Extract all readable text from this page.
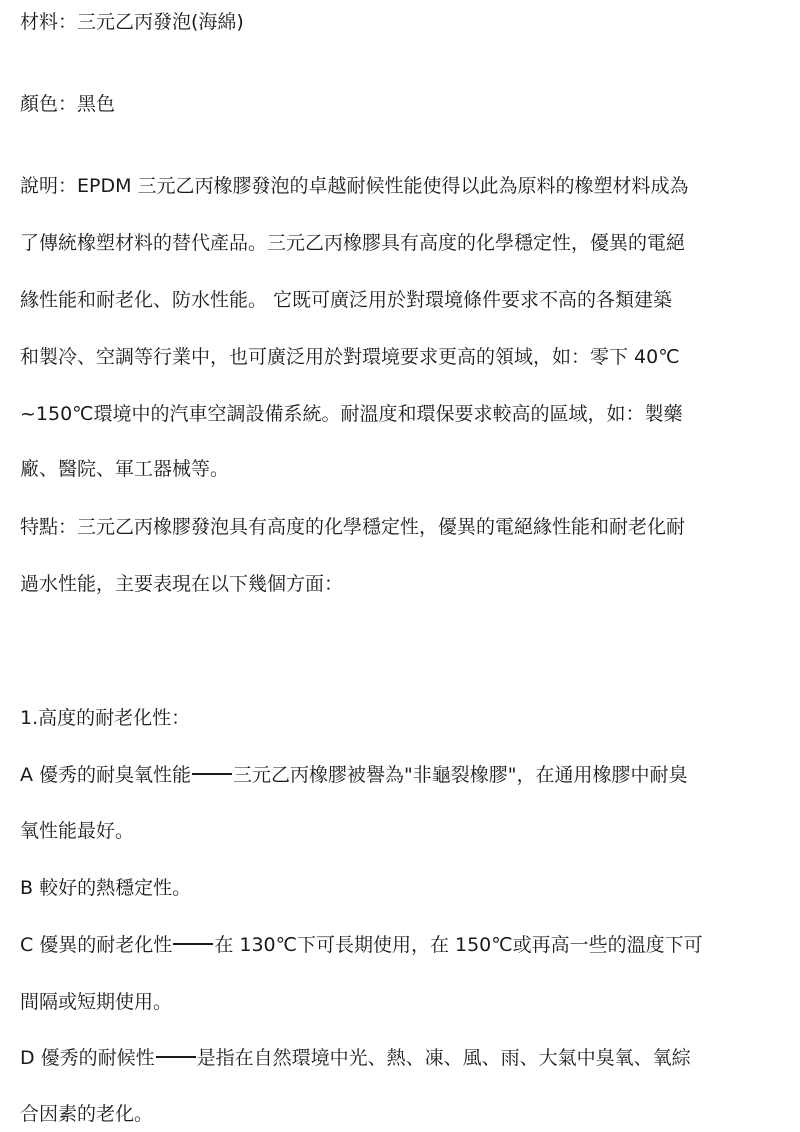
材料：三元乙丙發泡(海綿)
顏色：黑色
說明：EPDM 三元乙丙橡膠發泡的卓越耐候性能使得以此為原料的橡塑材料成為
了傳統橡塑材料的替代產品。三元乙丙橡膠具有高度的化學穩定性，優異的電絕
緣性能和耐老化、防水性能。 它既可廣泛用於對環境條件要求不高的各類建築
和製冷、空調等行業中，也可廣泛用於對環境要求更高的領域，如：零下 40℃
~150℃環境中的汽車空調設備系統。耐溫度和環保要求較高的區域，如：製藥
廠、醫院、軍工器械等。
特點：三元乙丙橡膠發泡具有高度的化學穩定性，優異的電絕緣性能和耐老化耐
過水性能，主要表現在以下幾個方面：
1.高度的耐老化性：
A 優秀的耐臭氧性能 三元乙丙橡膠被譽為"非龜裂橡膠"，在通用橡膠中耐臭
氧性能最好。
B 較好的熱穩定性。
C 優異的耐老化性 在 130℃下可長期使用，在 150℃或再高一些的溫度下可
間隔或短期使用。
D 優秀的耐候性 是指在自然環境中光、熱、凍、風、雨、大氣中臭氧、氧綜
合因素的老化。
